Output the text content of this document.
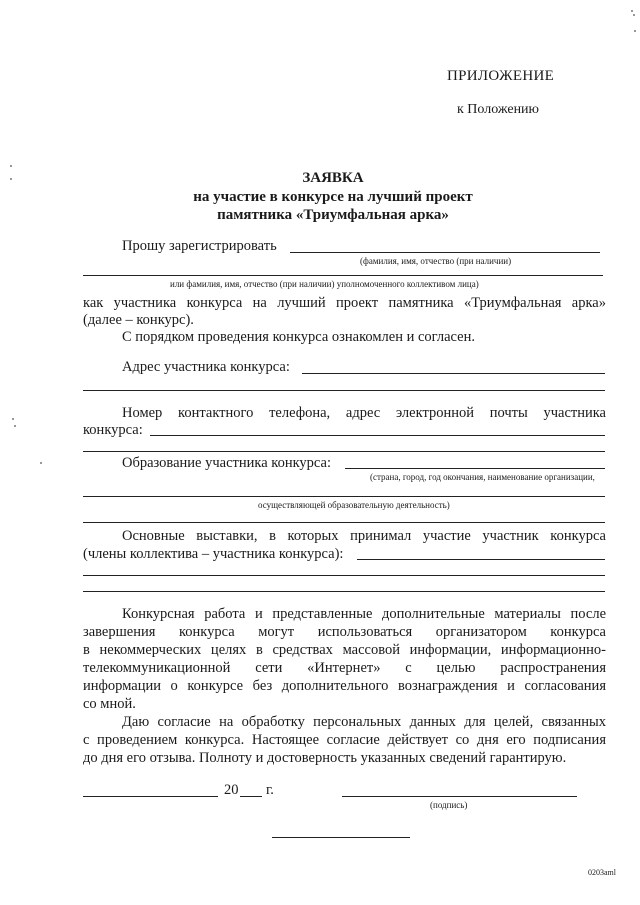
ПРИЛОЖЕНИЕ
к Положению
ЗАЯВКА
на участие в конкурсе на лучший проект
памятника «Триумфальная арка»
Прошу зарегистрировать
(фамилия, имя, отчество (при наличии)
или фамилия, имя, отчество (при наличии) уполномоченного коллективом лица)
как участника конкурса на лучший проект памятника «Триумфальная арка»
(далее – конкурс).
С порядком проведения конкурса ознакомлен и согласен.
Адрес участника конкурса:
Номер контактного телефона, адрес электронной почты участника
конкурса:
Образование участника конкурса:
(страна, город, год окончания, наименование организации,
осуществляющей образовательную деятельность)
Основные выставки, в которых принимал участие участник конкурса
(члены коллектива – участника конкурса):
Конкурсная работа и представленные дополнительные материалы после
завершения конкурса могут использоваться организатором конкурса
в некоммерческих целях в средствах массовой информации, информационно-
телекоммуникационной сети «Интернет» с целью распространения
информации о конкурсе без дополнительного вознаграждения и согласования
со мной.
Даю согласие на обработку персональных данных для целей, связанных
с проведением конкурса. Настоящее согласие действует со дня его подписания
до дня его отзыва. Полноту и достоверность указанных сведений гарантирую.
20 г.
(подпись)
0203aml
